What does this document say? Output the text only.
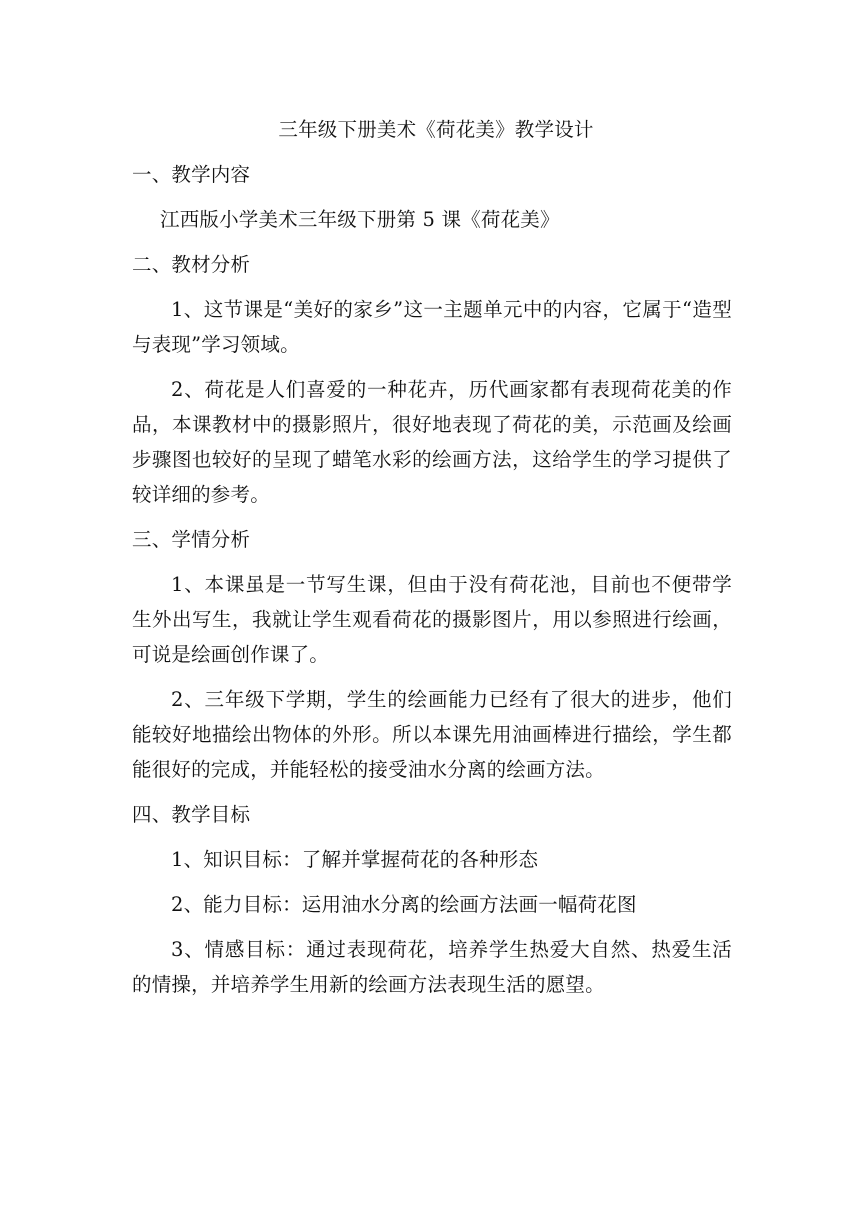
三年级下册美术《荷花美》教学设计
一、教学内容
江西版小学美术三年级下册第 5 课《荷花美》
二、教材分析
1、这节课是“美好的家乡”这一主题单元中的内容，它属于“造型与表现”学习领域。
2、荷花是人们喜爱的一种花卉，历代画家都有表现荷花美的作品，本课教材中的摄影照片，很好地表现了荷花的美，示范画及绘画步骤图也较好的呈现了蜡笔水彩的绘画方法，这给学生的学习提供了较详细的参考。
三、学情分析
1、本课虽是一节写生课，但由于没有荷花池，目前也不便带学生外出写生，我就让学生观看荷花的摄影图片，用以参照进行绘画，可说是绘画创作课了。
2、三年级下学期，学生的绘画能力已经有了很大的进步，他们能较好地描绘出物体的外形。所以本课先用油画棒进行描绘，学生都能很好的完成，并能轻松的接受油水分离的绘画方法。
四、教学目标
1、知识目标：了解并掌握荷花的各种形态
2、能力目标：运用油水分离的绘画方法画一幅荷花图
3、情感目标：通过表现荷花，培养学生热爱大自然、热爱生活的情操，并培养学生用新的绘画方法表现生活的愿望。
